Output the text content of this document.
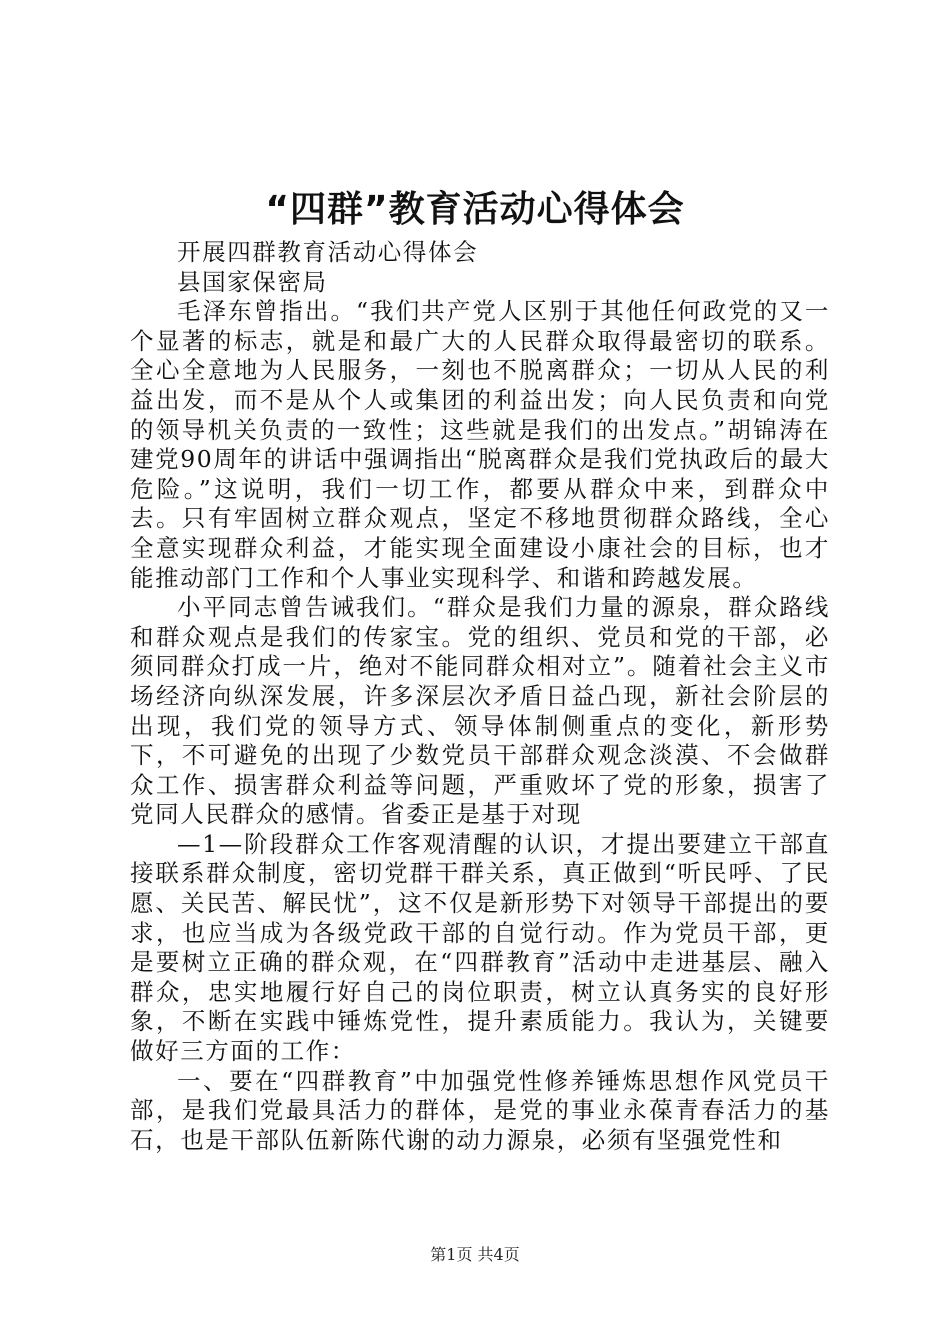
“四群”教育活动心得体会

开展四群教育活动心得体会

县国家保密局

毛泽东曾指出。“我们共产党人区别于其他任何政党的又一个显著的标志，就是和最广大的人民群众取得最密切的联系。全心全意地为人民服务，一刻也不脱离群众；一切从人民的利益出发，而不是从个人或集团的利益出发；向人民负责和向党的领导机关负责的一致性；这些就是我们的出发点。”胡锦涛在建党90周年的讲话中强调指出“脱离群众是我们党执政后的最大危险。”这说明，我们一切工作，都要从群众中来，到群众中去。只有牢固树立群众观点，坚定不移地贯彻群众路线，全心全意实现群众利益，才能实现全面建设小康社会的目标，也才能推动部门工作和个人事业实现科学、和谐和跨越发展。

小平同志曾告诫我们。“群众是我们力量的源泉，群众路线和群众观点是我们的传家宝。党的组织、党员和党的干部，必须同群众打成一片，绝对不能同群众相对立”。随着社会主义市场经济向纵深发展，许多深层次矛盾日益凸现，新社会阶层的出现，我们党的领导方式、领导体制侧重点的变化，新形势下，不可避免的出现了少数党员干部群众观念淡漠、不会做群众工作、损害群众利益等问题，严重败坏了党的形象，损害了党同人民群众的感情。省委正是基于对现

—1—阶段群众工作客观清醒的认识，才提出要建立干部直接联系群众制度，密切党群干群关系，真正做到“听民呼、了民愿、关民苦、解民忧”，这不仅是新形势下对领导干部提出的要求，也应当成为各级党政干部的自觉行动。作为党员干部，更是要树立正确的群众观，在“四群教育”活动中走进基层、融入群众，忠实地履行好自己的岗位职责，树立认真务实的良好形象，不断在实践中锤炼党性，提升素质能力。我认为，关键要做好三方面的工作：

一、要在“四群教育”中加强党性修养锤炼思想作风党员干部，是我们党最具活力的群体，是党的事业永葆青春活力的基石，也是干部队伍新陈代谢的动力源泉，必须有坚强党性和

第1页 共4页
